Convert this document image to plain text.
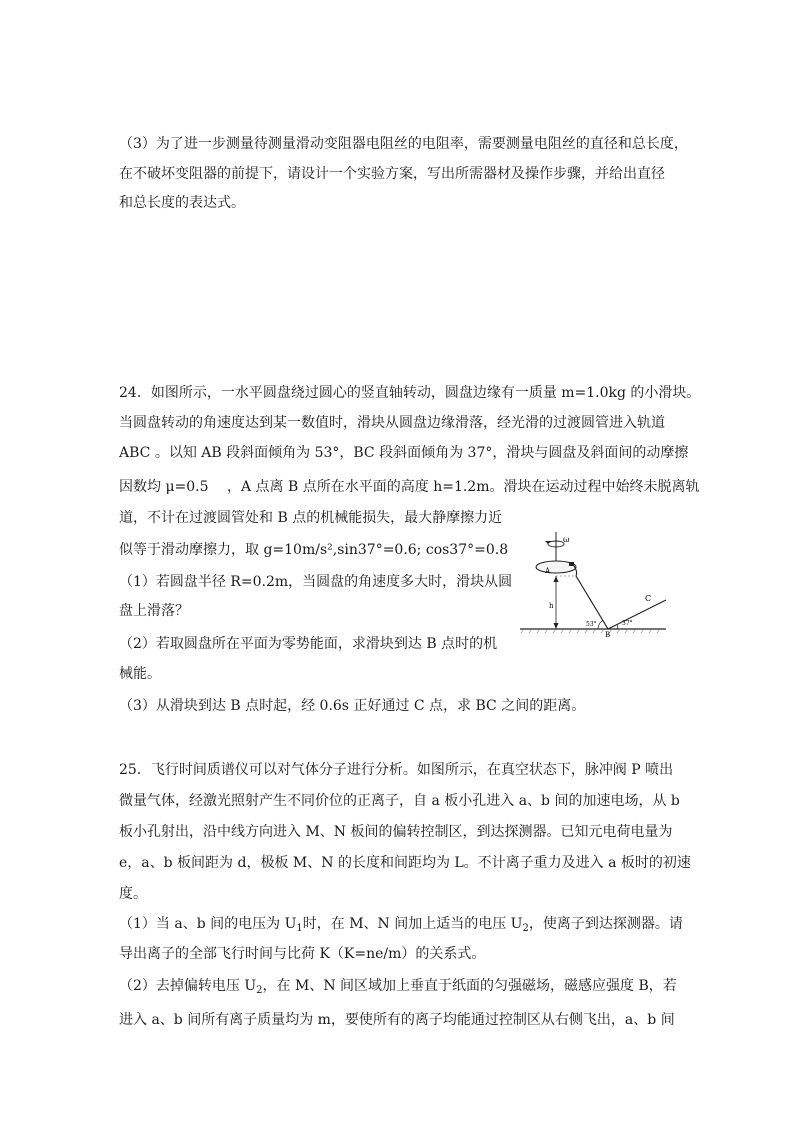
（3）为了进一步测量待测量滑动变阻器电阻丝的电阻率，需要测量电阻丝的直径和总长度，
在不破坏变阻器的前提下，请设计一个实验方案，写出所需器材及操作步骤，并给出直径
和总长度的表达式。
24．如图所示，一水平圆盘绕过圆心的竖直轴转动，圆盘边缘有一质量 m=1.0kg 的小滑块。
当圆盘转动的角速度达到某一数值时，滑块从圆盘边缘滑落，经光滑的过渡圆管进入轨道
ABC 。以知 AB 段斜面倾角为 53°，BC 段斜面倾角为 37°，滑块与圆盘及斜面间的动摩擦
因数均 μ=0.5　 ，A 点离 B 点所在水平面的高度 h=1.2m。滑块在运动过程中始终未脱离轨
道，不计在过渡圆管处和 B 点的机械能损失，最大静摩擦力近
似等于滑动摩擦力，取 g=10m/s²,sin37°=0.6; cos37°=0.8
（1）若圆盘半径 R=0.2m，当圆盘的角速度多大时，滑块从圆
盘上滑落？
（2）若取圆盘所在平面为零势能面，求滑块到达 B 点时的机
械能。
（3）从滑块到达 B 点时起，经 0.6s 正好通过 C 点，求 BC 之间的距离。
ω
A
h
53°	37°
B
C
25．飞行时间质谱仪可以对气体分子进行分析。如图所示，在真空状态下，脉冲阀 P 喷出
微量气体，经激光照射产生不同价位的正离子，自 a 板小孔进入 a、b 间的加速电场，从 b
板小孔射出，沿中线方向进入 M、N 板间的偏转控制区，到达探测器。已知元电荷电量为
e，a、b 板间距为 d，极板 M、N 的长度和间距均为 L。不计离子重力及进入 a 板时的初速
度。
（1）当 a、b 间的电压为 $U_1$时，在 M、N 间加上适当的电压 $U_2$，使离子到达探测器。请
导出离子的全部飞行时间与比荷 K（K=ne/m）的关系式。
（2）去掉偏转电压 $U_2$，在 M、N 间区域加上垂直于纸面的匀强磁场，磁感应强度 B，若
进入 a、b 间所有离子质量均为 m，要使所有的离子均能通过控制区从右侧飞出，a、b 间
